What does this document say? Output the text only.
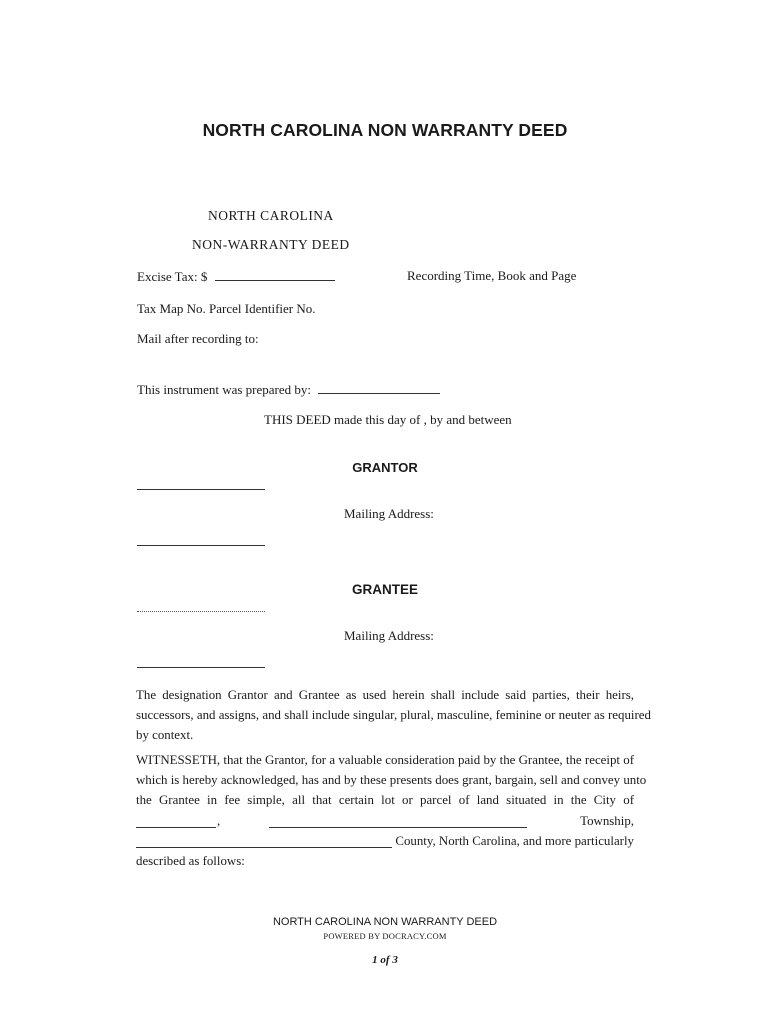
NORTH CAROLINA NON WARRANTY DEED
NORTH CAROLINA
NON-WARRANTY DEED
Excise Tax: $	Recording Time, Book and Page
Tax Map No. Parcel Identifier No.
Mail after recording to:
This instrument was prepared by:
THIS DEED made this day of , by and between
GRANTOR
Mailing Address:
GRANTEE
Mailing Address:
The designation Grantor and Grantee as used herein shall include said parties, their heirs,
successors, and assigns, and shall include singular, plural, masculine, feminine or neuter as required
by context.
WITNESSETH, that the Grantor, for a valuable consideration paid by the Grantee, the receipt of
which is hereby acknowledged, has and by these presents does grant, bargain, sell and convey unto
the Grantee in fee simple, all that certain lot or parcel of land situated in the City of
,	Township,
County, North Carolina, and more particularly
described as follows:
NORTH CAROLINA NON WARRANTY DEED
POWERED BY DOCRACY.COM
1 of 3
